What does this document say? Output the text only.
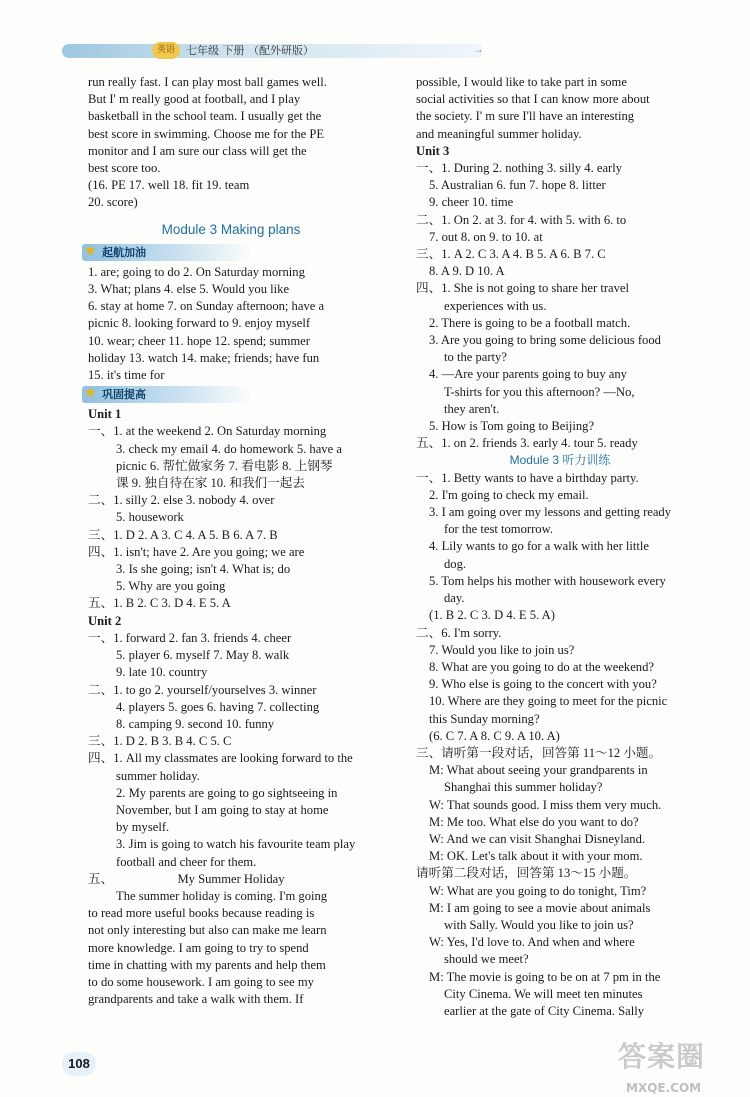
英语	七年级 下册 （配外研版）	→

run really fast. I can play most ball games well.

But I' m really good at football, and I play

basketball in the school team. I usually get the

best score in swimming. Choose me for the PE

monitor and I am sure our class will get the

best score too.

(16. PE 17. well 18. fit 19. team

20. score)

Module 3 Making plans
★ 起航加油

1. are; going to do 2. On Saturday morning

3. What; plans 4. else 5. Would you like

6. stay at home 7. on Sunday afternoon; have a

picnic 8. looking forward to 9. enjoy myself

10. wear; cheer 11. hope 12. spend; summer

holiday 13. watch 14. make; friends; have fun

15. it's time for

★ 巩固提高

Unit 1

一、1. at the weekend 2. On Saturday morning

3. check my email 4. do homework 5. have a

picnic 6. 帮忙做家务 7. 看电影 8. 上钢琴

课 9. 独自待在家 10. 和我们一起去

二、1. silly 2. else 3. nobody 4. over

5. housework

三、1. D 2. A 3. C 4. A 5. B 6. A 7. B

四、1. isn't; have 2. Are you going; we are

3. Is she going; isn't 4. What is; do

5. Why are you going

五、1. B 2. C 3. D 4. E 5. A

Unit 2

一、1. forward 2. fan 3. friends 4. cheer

5. player 6. myself 7. May 8. walk

9. late 10. country

二、1. to go 2. yourself/yourselves 3. winner

4. players 5. goes 6. having 7. collecting

8. camping 9. second 10. funny

三、1. D 2. B 3. B 4. C 5. C

四、1. All my classmates are looking forward to the

summer holiday.

2. My parents are going to go sightseeing in

November, but I am going to stay at home

by myself.

3. Jim is going to watch his favourite team play

football and cheer for them.

五、	My Summer Holiday

The summer holiday is coming. I'm going

to read more useful books because reading is

not only interesting but also can make me learn

more knowledge. I am going to try to spend

time in chatting with my parents and help them

to do some housework. I am going to see my

grandparents and take a walk with them. If

possible, I would like to take part in some

social activities so that I can know more about

the society. I' m sure I'll have an interesting

and meaningful summer holiday.

Unit 3

一、1. During 2. nothing 3. silly 4. early

5. Australian 6. fun 7. hope 8. litter

9. cheer 10. time

二、1. On 2. at 3. for 4. with 5. with 6. to

7. out 8. on 9. to 10. at

三、1. A 2. C 3. A 4. B 5. A 6. B 7. C

8. A 9. D 10. A

四、1. She is not going to share her travel

experiences with us.

2. There is going to be a football match.

3. Are you going to bring some delicious food

to the party?

4. —Are your parents going to buy any

T-shirts for you this afternoon? —No,

they aren't.

5. How is Tom going to Beijing?

五、1. on 2. friends 3. early 4. tour 5. ready

Module 3 听力训练

一、1. Betty wants to have a birthday party.

2. I'm going to check my email.

3. I am going over my lessons and getting ready

for the test tomorrow.

4. Lily wants to go for a walk with her little

dog.

5. Tom helps his mother with housework every

day.

(1. B 2. C 3. D 4. E 5. A)

二、6. I'm sorry.

7. Would you like to join us?

8. What are you going to do at the weekend?

9. Who else is going to the concert with you?

10. Where are they going to meet for the picnic

this Sunday morning?

(6. C 7. A 8. C 9. A 10. A)

三、请听第一段对话，回答第 11～12 小题。

M: What about seeing your grandparents in

Shanghai this summer holiday?

W: That sounds good. I miss them very much.

M: Me too. What else do you want to do?

W: And we can visit Shanghai Disneyland.

M: OK. Let's talk about it with your mom.

请听第二段对话，回答第 13～15 小题。

W: What are you going to do tonight, Tim?

M: I am going to see a movie about animals

with Sally. Would you like to join us?

W: Yes, I'd love to. And when and where

should we meet?

M: The movie is going to be on at 7 pm in the

City Cinema. We will meet ten minutes

earlier at the gate of City Cinema. Sally

108	答案圈
MXQE.COM
